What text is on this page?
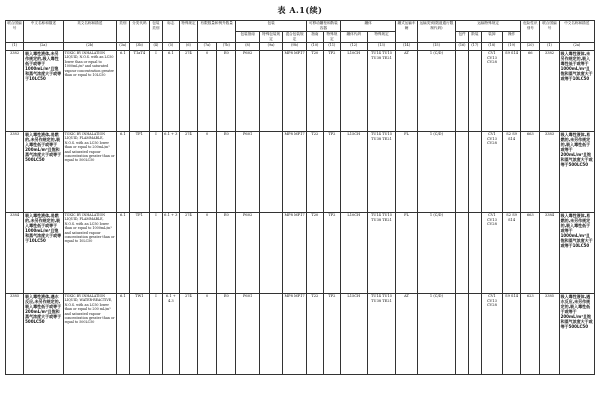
表 A.1(续)
联合国编号	中文名称和描述	英文名称和描述	类别	分类代码	包装类别	标志	特殊规定	有限数量和例外数量		包装			可移动罐柜和散装容器		罐体		罐式运输车辆	运输类别(隧道通行限制代码)	运输特殊规定				危险性识别号	联合国编号	中文名称和描述
										包装指南	特殊包装规定	混合包装规定	指南	特殊规定	罐体代码	特殊规定			包件	散装	装卸	操作			
(1)	(2a)	(2b)	(3a)	(3b)	(4)	(5)	(6)	(7a)	(7b)	(8)	(9a)	(9b)	(10)	(11)	(12)	(13)	(14)	(15)	(16)	(17)	(18)	(19)	(20)	(1)	(2a)
3382	吸入毒性液体,未另作规定的,吸入毒性低于或等于1000mL/m³且饱和蒸气浓度大于或等于10LC50	TOXIC BY INHALATION LIQUID, N.O.S. with an LC50 lower than or equal to 1000mL/m³ and saturated vapour concentration greater than or equal to 10LC50	6.1	T1aT4	I	6.1	274	0	E0	P602		MP8 MP17	T20	TP2	L10CH	TU14 TU15 TU38 TE21	AT	1 (C/D)			CV1 CV13 CV28	S9 S14	66	3382	吸入毒性液体,未另作规定的,吸入毒性低于或等于1000mL/m³且饱和蒸气浓度大于或等于10LC50
3383	吸入毒性液体,易燃的,未另作规定的,吸入毒性低于或等于200mL/m³且饱和蒸气浓度大于或等于500LC50	TOXIC BY INHALATION LIQUID, FLAMMABLE, N.O.S. with an LC50 lower than or equal to 200mL/m³ and saturated vapour concentration greater than or equal to 500LC50	6.1	TF1	I	6.1 + 3	274	0	E0	P601		MP8 MP17	T22	TP2	L15CH	TU14 TU15 TU38 TE21	FL	1 (C/D)			CV1 CV13 CV28	S2 S9 S14	663	3383	吸入毒性液体,易燃的,未另作规定的,吸入毒性低于或等于200mL/m³且饱和蒸气浓度大于或等于500LC50
3384	吸入毒性液体,易燃的,未另作规定的,吸入毒性低于或等于1000mL/m³且饱和蒸气浓度大于或等于10LC50	TOXIC BY INHALATION LIQUID, FLAMMABLE, N.O.S. with an LC50 lower than or equal to 1000mL/m³ and saturated vapour concentration greater than or equal to 10LC50	6.1	TF1	I	6.1 + 3	274	0	E0	P602		MP8 MP17	T20	TP2	L10CH	TU14 TU15 TU38 TE21	FL	1 (C/D)			CV1 CV13 CV28	S2 S9 S14	663	3384	吸入毒性液体,易燃的,未另作规定的,吸入毒性低于或等于1000mL/m³且饱和蒸气浓度大于或等于10LC50
3385	吸入毒性液体,遇水反应,未另作规定的,吸入毒性低于或等于200mL/m³且饱和蒸气浓度大于或等于500LC50	TOXIC BY INHALATION LIQUID, WATER-REACTIVE, N.O.S. with an LC50 lower than or equal to 200 mL/m³ and saturated vapour concentration greater than or equal to 500LC50	6.1	TW1	I	6.1 + 4.3	274	0	E0	P601		MP8 MP17	T22	TP2	L15CH	TU14 TU15 TU38 TE21	AT	1 (C/D)			CV1 CV13 CV28	S9 S14	623	3385	吸入毒性液体,遇水反应,未另作规定的,吸入毒性低于或等于200mL/m³且饱和蒸气浓度大于或等于500LC50
